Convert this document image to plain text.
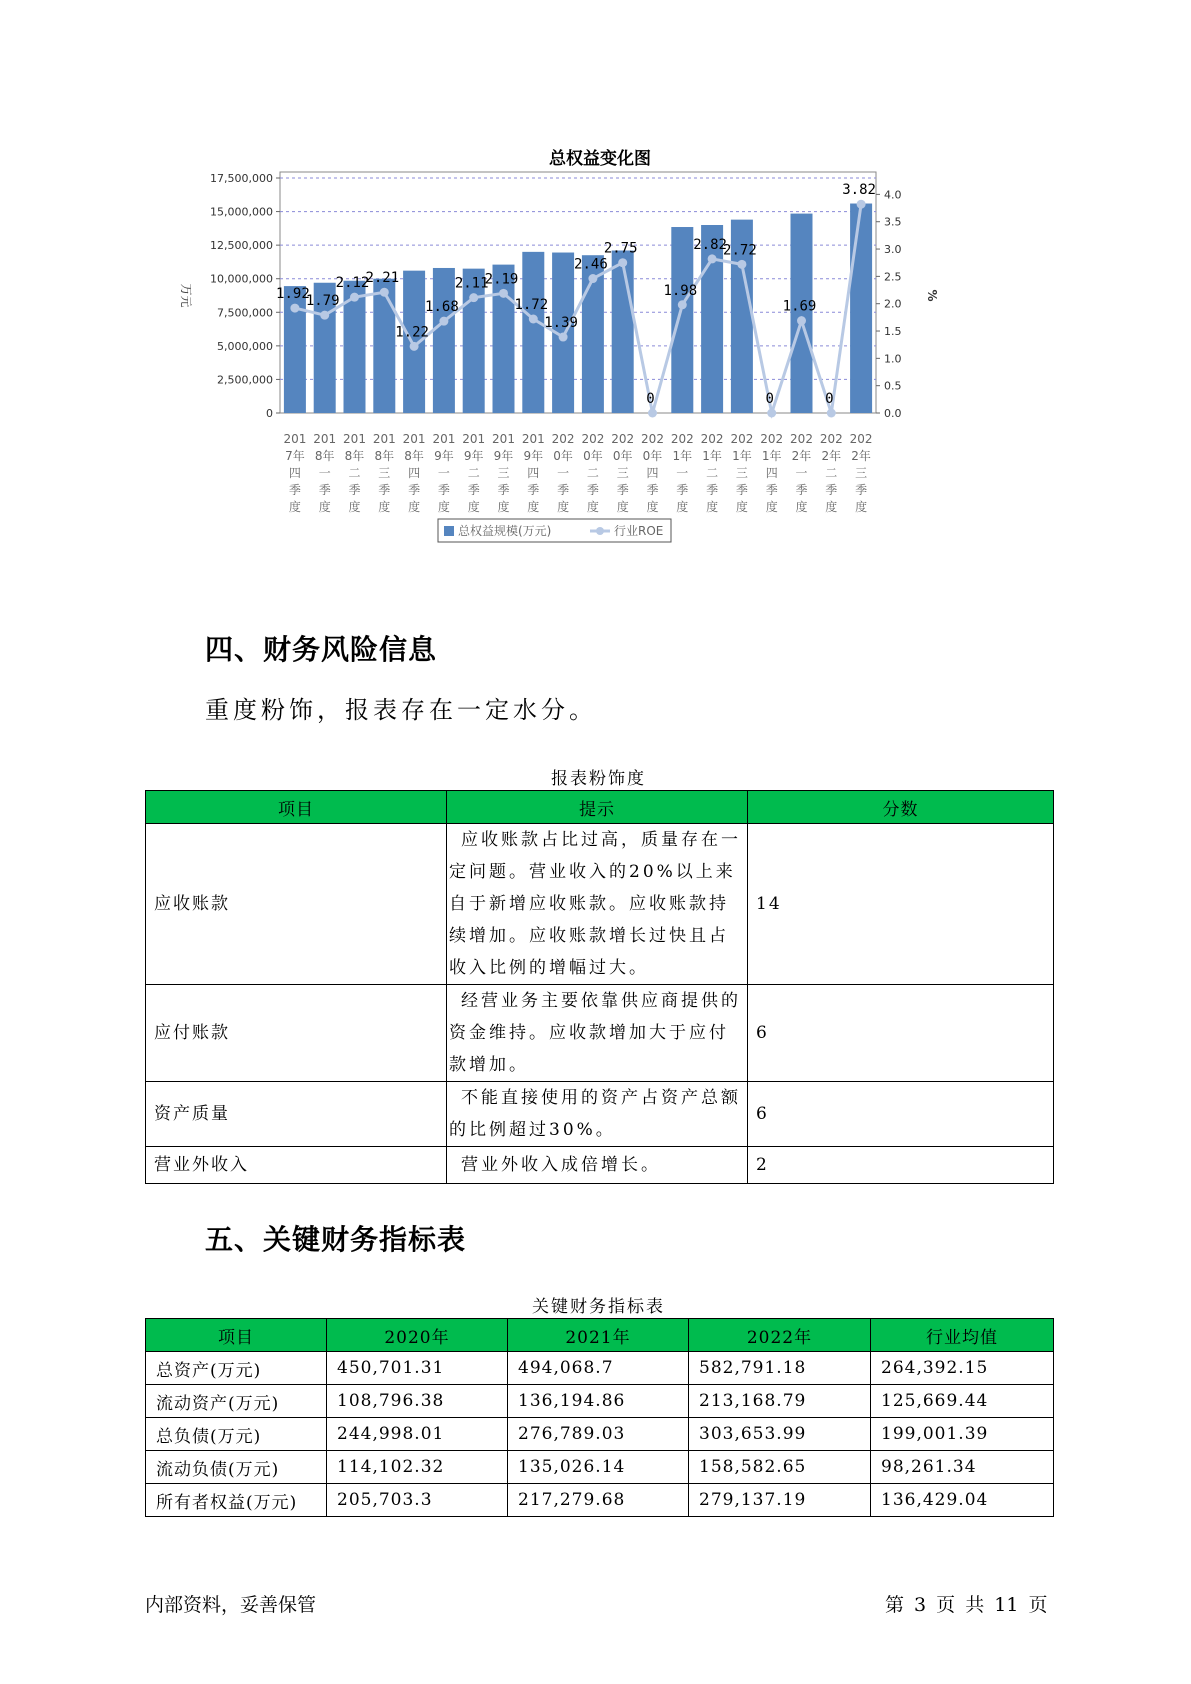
总权益变化图
0
2,500,000
5,000,000
7,500,000
10,000,000
12,500,000
15,000,000
17,500,000
0.0
0.5
1.0
1.5
2.0
2.5
3.0
3.5
4.0
万元	%
1.92
1.79
2.12
2.21
1.22
1.68
2.11
2.19
1.72
1.39
2.46
2.75
0
1.98
2.82
2.72
0
1.69
0
3.82
201
7年
四
季
度
201
8年
一
季
度
201
8年
二
季
度
201
8年
三
季
度
201
8年
四
季
度
201
9年
一
季
度
201
9年
二
季
度
201
9年
三
季
度
201
9年
四
季
度
202
0年
一
季
度
202
0年
二
季
度
202
0年
三
季
度
202
0年
四
季
度
202
1年
一
季
度
202
1年
二
季
度
202
1年
三
季
度
202
1年
四
季
度
202
2年
一
季
度
202
2年
二
季
度
202
2年
三
季
度
总权益规模(万元)	行业ROE
四、财务风险信息
重度粉饰，报表存在一定水分。
报表粉饰度
项目	提示	分数
应收账款	应收账款占比过高，质量存在一定问题。营业收入的20%以上来自于新增应收账款。应收账款持续增加。应收账款增长过快且占收入比例的增幅过大。	14
应付账款	经营业务主要依靠供应商提供的资金维持。应收款增加大于应付款增加。	6
资产质量	不能直接使用的资产占资产总额的比例超过30%。	6
营业外收入	营业外收入成倍增长。	2
五、关键财务指标表
关键财务指标表
项目	2020年	2021年	2022年	行业均值
总资产(万元)	450,701.31	494,068.7	582,791.18	264,392.15
流动资产(万元)	108,796.38	136,194.86	213,168.79	125,669.44
总负债(万元)	244,998.01	276,789.03	303,653.99	199,001.39
流动负债(万元)	114,102.32	135,026.14	158,582.65	98,261.34
所有者权益(万元)	205,703.3	217,279.68	279,137.19	136,429.04
内部资料，妥善保管	第 3 页 共 11 页
